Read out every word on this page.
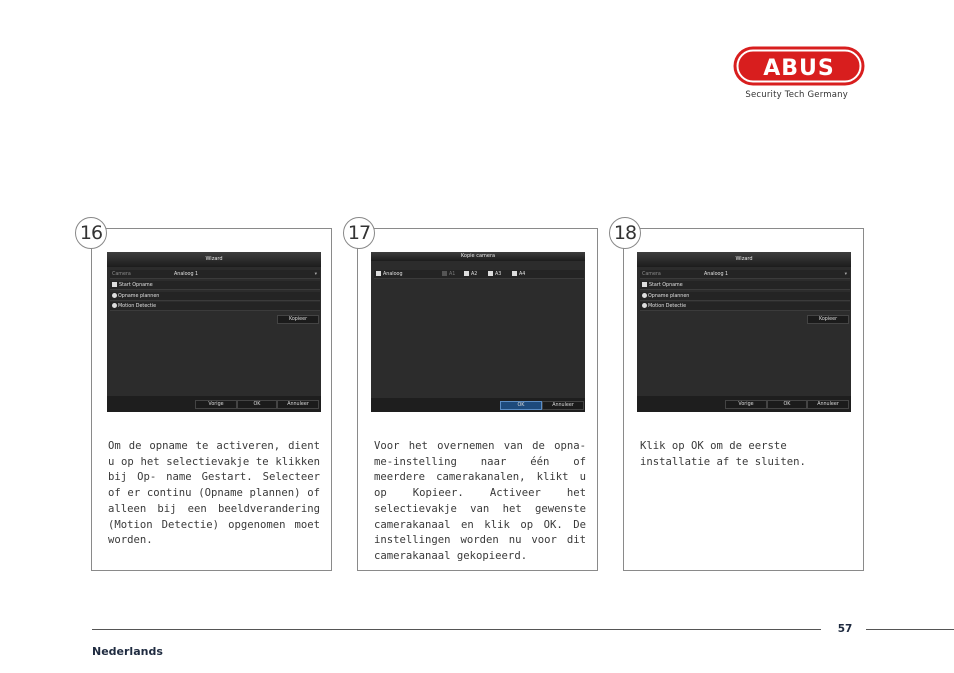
ABUS
Security Tech Germany
Wizard
Camera	Analoog 1	▾
Start Opname
Opname plannen
Motion Detectie
Kopieer
Vorige	OK	Annuleer
16

Om de opname te activeren, dient u op het selectievakje te klikken bij Op- name Gestart. Selecteer of er continu (Opname plannen) of alleen bij een beeldverandering (Motion Detectie) opgenomen moet worden.

Kopie camera
Analoog	A1	A2	A3	A4
OK	Annuleer
17

Voor het overnemen van de opna- me-instelling naar één of meerdere camerakanalen, klikt u op Kopieer. Activeer het selectievakje van het gewenste camerakanaal en klik op OK. De instellingen worden nu voor dit camerakanaal gekopieerd.

Wizard
Camera	Analoog 1	▾
Start Opname
Opname plannen
Motion Detectie
Kopieer
Vorige	OK	Annuleer
18

Klik op OK om de eerste installatie af te sluiten.

57
Nederlands
